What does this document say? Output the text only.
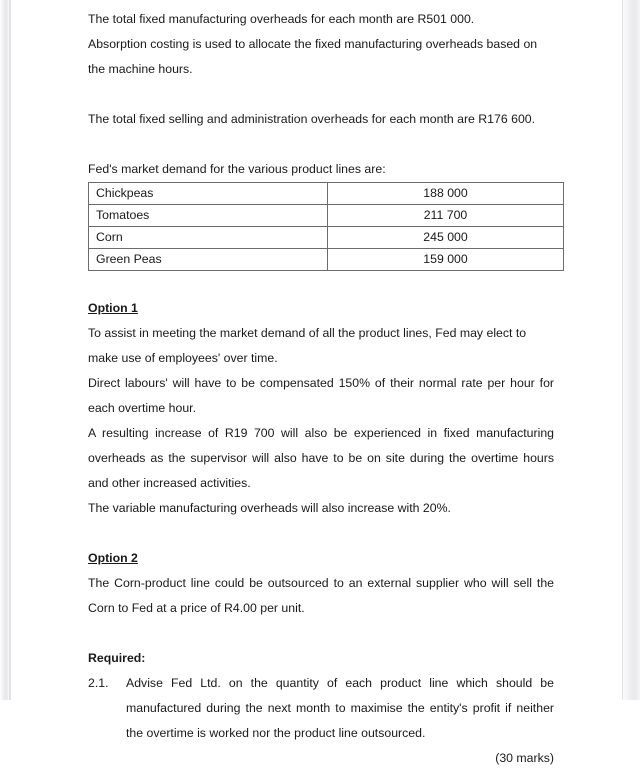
The total fixed manufacturing overheads for each month are R501 000.

Absorption costing is used to allocate the fixed manufacturing overheads based on the machine hours.

The total fixed selling and administration overheads for each month are R176 600.

Fed's market demand for the various product lines are:

Chickpeas	188 000
Tomatoes	211 700
Corn	245 000
Green Peas	159 000

Option 1

To assist in meeting the market demand of all the product lines, Fed may elect to make use of employees' over time.

Direct labours' will have to be compensated 150% of their normal rate per hour for each overtime hour.

A resulting increase of R19 700 will also be experienced in fixed manufacturing overheads as the supervisor will also have to be on site during the overtime hours and other increased activities.

The variable manufacturing overheads will also increase with 20%.

Option 2

The Corn-product line could be outsourced to an external supplier who will sell the Corn to Fed at a price of R4.00 per unit.

Required:

2.1.	Advise Fed Ltd. on the quantity of each product line which should be manufactured during the next month to maximise the entity's profit if neither the overtime is worked nor the product line outsourced.

(30 marks)
